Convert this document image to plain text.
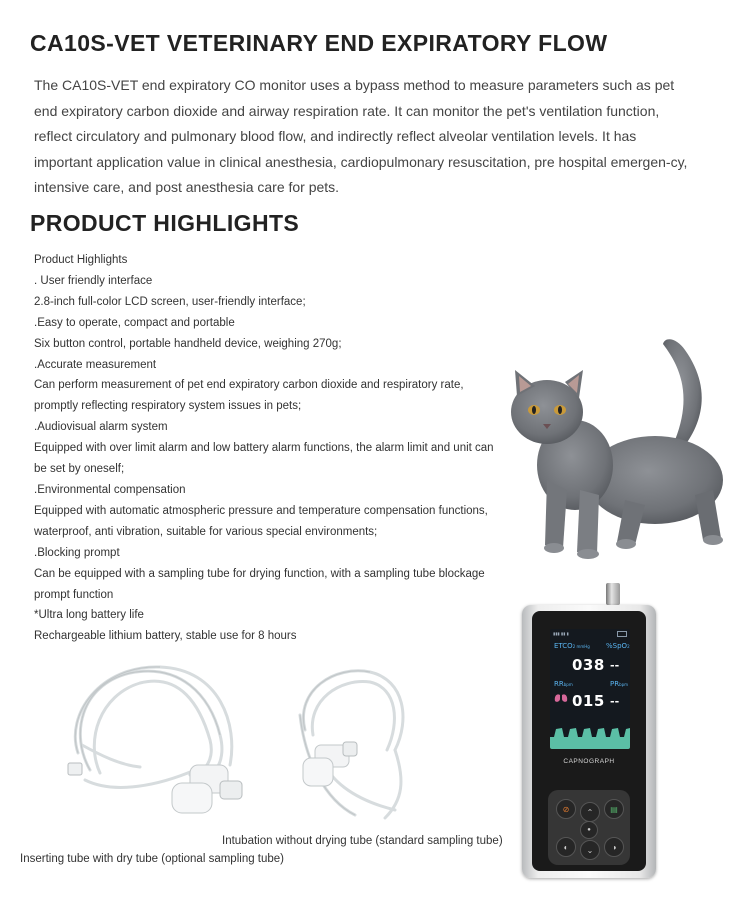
CA10S-VET VETERINARY END EXPIRATORY FLOW

The CA10S-VET end expiratory CO monitor uses a bypass method to measure parameters such as pet end expiratory carbon dioxide and airway respiration rate. It can monitor the pet's ventilation function, reflect circulatory and pulmonary blood flow, and indirectly reflect alveolar ventilation levels. It has important application value in clinical anesthesia, cardiopulmonary resuscitation, pre hospital emergen-cy, intensive care, and post anesthesia care for pets.

PRODUCT HIGHLIGHTS
Product Highlights
. User friendly interface
2.8-inch full-color LCD screen, user-friendly interface;
.Easy to operate, compact and portable
Six button control, portable handheld device, weighing 270g;
.Accurate measurement
Can perform measurement of pet end expiratory carbon dioxide and respiratory rate,
promptly reflecting respiratory system issues in pets;
.Audiovisual alarm system
Equipped with over limit alarm and low battery alarm functions, the alarm limit and unit can
be set by oneself;
.Environmental compensation
Equipped with automatic atmospheric pressure and temperature compensation functions,
waterproof, anti vibration, suitable for various special environments;
.Blocking prompt
Can be equipped with a sampling tube for drying function, with a sampling tube blockage
prompt function
*Ultra long battery life
Rechargeable lithium battery, stable use for 8 hours
Intubation without drying tube (standard sampling tube)
Inserting tube with dry tube (optional sampling tube)
▮▮▮ ▮▮ ▮
ETCO2 mmHg %SpO2
038 --
RRbpm	PRbpm
015 --
CAPNOGRAPH
⊘	⌃	▤
◐	⌄	◑
●
